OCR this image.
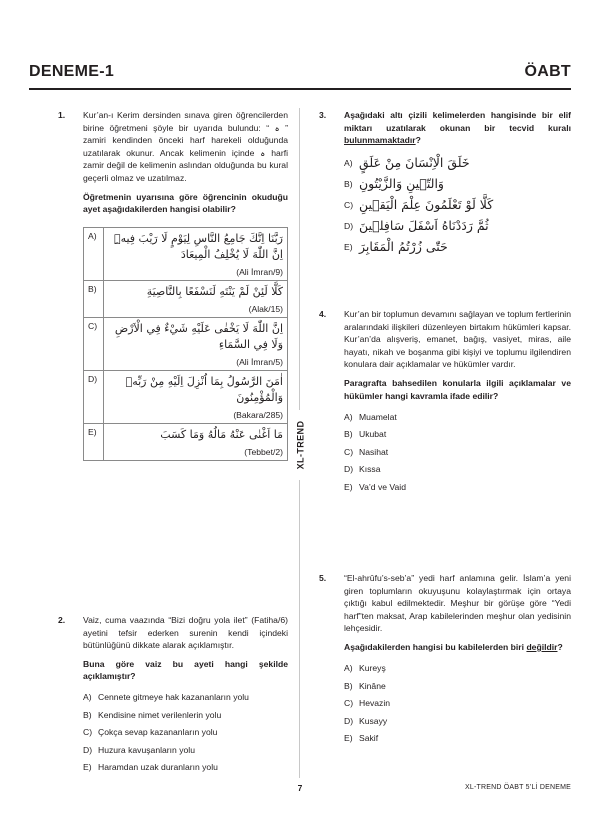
DENEME-1	ÖABT
XL-TREND
1. Kur’an-ı Kerim dersinden sınava giren öğrencilerden birine öğretmeni şöyle bir uyarıda bulundu: “ ہ ” zamiri kendinden önceki harf harekeli olduğunda uzatılarak okunur. Ancak kelimenin içinde ہ harfi zamir değil de kelimenin aslından olduğunda bu kural geçerli olmaz ve uzatılmaz.
Öğretmenin uyarısına göre öğrencinin okuduğu ayet aşağıdakilerden hangisi olabilir?
A)	رَبَّنَا اِنَّكَ جَامِعُ النَّاسِ لِيَوْمٍ لَا رَيْبَ فِيهِۜ اِنَّ اللّٰهَ لَا يُخْلِفُ الْمِيعَادَ
(Ali İmran/9)

B)	كَلَّا لَئِنْ لَمْ يَنْتَهِ لَنَسْفَعًا بِالنَّاصِيَةِ
(Alak/15)

C)	اِنَّ اللّٰهَ لَا يَخْفٰى عَلَيْهِ شَيْءٌ فِي الْاَرْضِ وَلَا فِي السَّمَاءِ
(Ali İmran/5)

D)	اٰمَنَ الرَّسُولُ بِمَا اُنْزِلَ اِلَيْهِ مِنْ رَبِّه۪ وَالْمُؤْمِنُونَ
(Bakara/285)

E)	مَا اَغْنٰى عَنْهُ مَالُهُ وَمَا كَسَبَ
(Tebbet/2)
2. Vaiz, cuma vaazında “Bizi doğru yola ilet” (Fatiha/6) ayetini tefsir ederken surenin kendi içindeki bütünlüğünü dikkate alarak açıklamıştır.
Buna göre vaiz bu ayeti hangi şekilde açıklamıştır?
A) Cennete gitmeye hak kazananların yolu
B) Kendisine nimet verilenlerin yolu
C) Çokça sevap kazananların yolu
D) Huzura kavuşanların yolu
E) Haramdan uzak duranların yolu
3. Aşağıdaki altı çizili kelimelerden hangisinde bir elif miktarı uzatılarak okunan bir tecvid kuralı bulunmamaktadır?
A) خَلَقَ الْاِنْسَانَ مِنْ عَلَقٍ
B) وَالتّ۪ينِ وَالزَّيْتُونِ
C) كَلَّا لَوْ تَعْلَمُونَ عِلْمَ الْيَق۪ينِ
D) ثُمَّ رَدَدْنَاهُ اَسْفَلَ سَافِل۪ينَ
E) حَتّٰى زُرْتُمُ الْمَقَابِرَ
4. Kur’an bir toplumun devamını sağlayan ve toplum fertlerinin aralarındaki ilişkileri düzenleyen birtakım hükümleri kapsar. Kur’an’da alışveriş, emanet, bağış, vasiyet, miras, aile hayatı, nikah ve boşanma gibi kişiyi ve toplumu ilgilendiren konulara dair açıklamalar ve hükümler vardır.
Paragrafta bahsedilen konularla ilgili açıklamalar ve hükümler hangi kavramla ifade edilir?
A) Muamelat
B) Ukubat
C) Nasihat
D) Kıssa
E) Va’d ve Vaid
5. “El-ahrûfu’s-seb’a” yedi harf anlamına gelir. İslam’a yeni giren toplumların okuyuşunu kolaylaştırmak için ortaya çıktığı kabul edilmektedir. Meşhur bir görüşe göre “Yedi harf”ten maksat, Arap kabilelerinden meşhur olan yedisinin lehçesidir.
Aşağıdakilerden hangisi bu kabilelerden biri değildir?
A) Kureyş
B) Kinâne
C) Hevazin
D) Kusayy
E) Sakif
7	XL-TREND ÖABT 5’Lİ DENEME
